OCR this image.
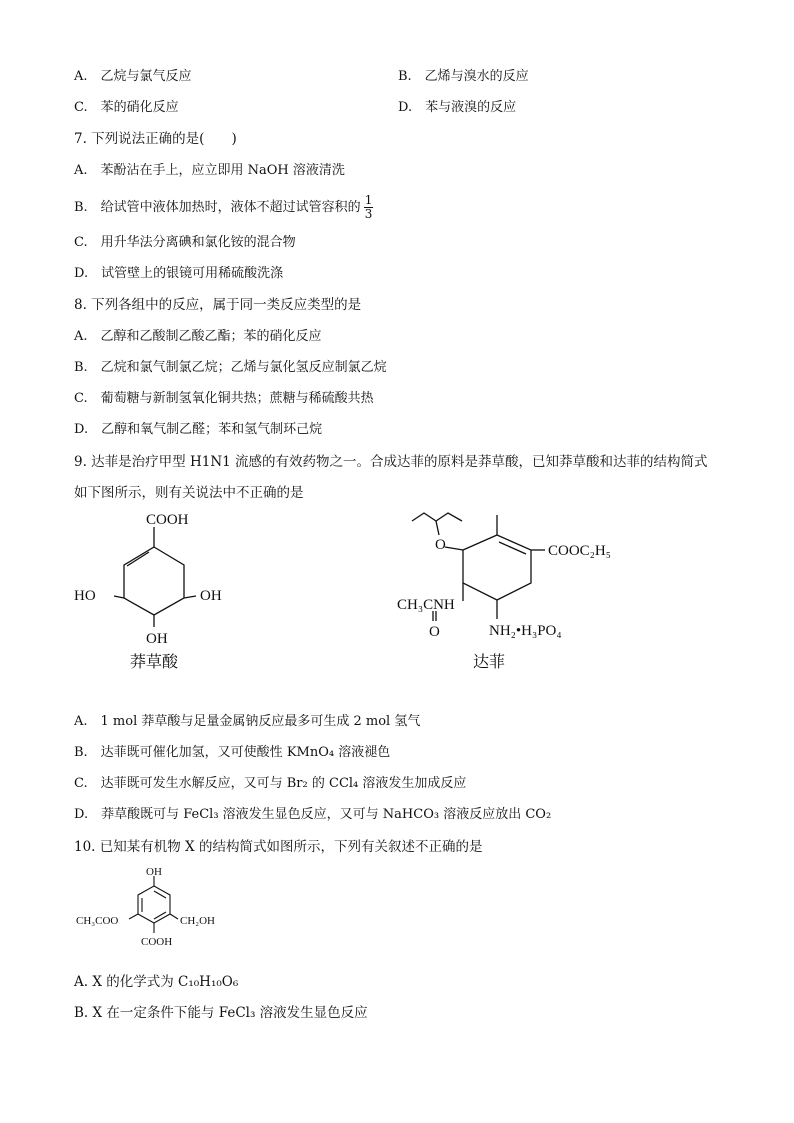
A.　乙烷与氯气反应	B.　乙烯与溴水的反应
C.　苯的硝化反应	D.　苯与液溴的反应
7. 下列说法正确的是(　　)
A.　苯酚沾在手上，应立即用 NaOH 溶液清洗
B.　给试管中液体加热时，液体不超过试管容积的 $\frac{1}{3}$
C.　用升华法分离碘和氯化铵的混合物
D.　试管壁上的银镜可用稀硫酸洗涤
8. 下列各组中的反应，属于同一类反应类型的是
A.　乙醇和乙酸制乙酸乙酯；苯的硝化反应
B.　乙烷和氯气制氯乙烷；乙烯与氯化氢反应制氯乙烷
C.　葡萄糖与新制氢氧化铜共热；蔗糖与稀硫酸共热
D.　乙醇和氧气制乙醛；苯和氢气制环己烷
9. 达菲是治疗甲型 H1N1 流感的有效药物之一。合成达菲的原料是莽草酸，已知莽草酸和达菲的结构简式
如下图所示，则有关说法中不正确的是
COOH
HO	OH
OH
莽草酸
O	COOC₂H₅
CH₃CNH
O	NH₂•H₃PO₄
达菲
A.　1 mol 莽草酸与足量金属钠反应最多可生成 2 mol 氢气
B.　达菲既可催化加氢，又可使酸性 KMnO₄ 溶液褪色
C.　达菲既可发生水解反应，又可与 Br₂ 的 CCl₄ 溶液发生加成反应
D.　莽草酸既可与 FeCl₃ 溶液发生显色反应，又可与 NaHCO₃ 溶液反应放出 CO₂
10. 已知某有机物 X 的结构简式如图所示，下列有关叙述不正确的是
OH
CH₃COO	CH₂OH
COOH
A. X 的化学式为 C₁₀H₁₀O₆
B. X 在一定条件下能与 FeCl₃ 溶液发生显色反应
